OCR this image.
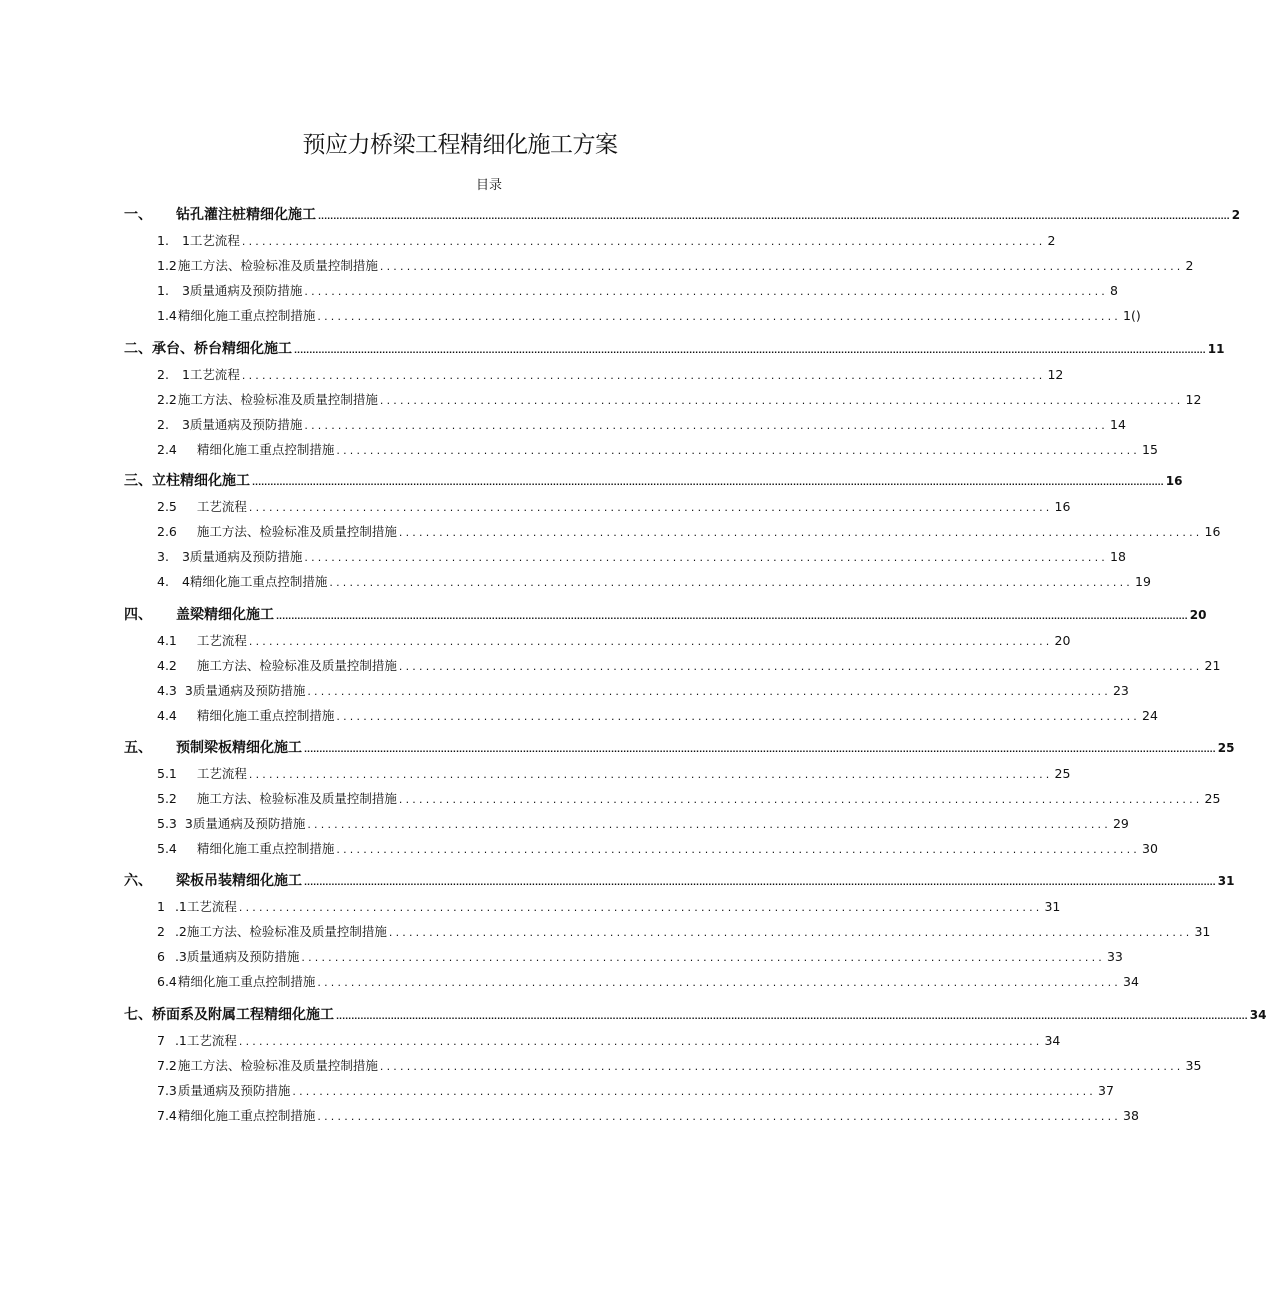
预应力桥梁工程精细化施工方案
目录
一、 钻孔灌注桩精细化施工 ............................................................................................................................................................................................................................................................................................................ 2
1. 1工艺流程 ........................................................................................................................ 2
1.2 施工方法、检验标准及质量控制措施 ........................................................................................................................ 2
1. 3质量通病及预防措施 ........................................................................................................................ 8
1.4 精细化施工重点控制措施 ........................................................................................................................ 1()
二、 承台、桥台精细化施工 ............................................................................................................................................................................................................................................................................................................ 11
2. 1工艺流程 ........................................................................................................................ 12
2.2 施工方法、检验标准及质量控制措施 ........................................................................................................................ 12
2. 3质量通病及预防措施 ........................................................................................................................ 14
2.4 精细化施工重点控制措施 ........................................................................................................................ 15
三、 立柱精细化施工 ............................................................................................................................................................................................................................................................................................................ 16
2.5 工艺流程 ........................................................................................................................ 16
2.6 施工方法、检验标准及质量控制措施 ........................................................................................................................ 16
3. 3质量通病及预防措施 ........................................................................................................................ 18
4. 4精细化施工重点控制措施 ........................................................................................................................ 19
四、 盖梁精细化施工 ............................................................................................................................................................................................................................................................................................................ 20
4.1 工艺流程 ........................................................................................................................ 20
4.2 施工方法、检验标准及质量控制措施 ........................................................................................................................ 21
4.3 3质量通病及预防措施 ........................................................................................................................ 23
4.4 精细化施工重点控制措施 ........................................................................................................................ 24
五、 预制梁板精细化施工 ............................................................................................................................................................................................................................................................................................................ 25
5.1 工艺流程 ........................................................................................................................ 25
5.2 施工方法、检验标准及质量控制措施 ........................................................................................................................ 25
5.3 3质量通病及预防措施 ........................................................................................................................ 29
5.4 精细化施工重点控制措施 ........................................................................................................................ 30
六、 梁板吊装精细化施工 ............................................................................................................................................................................................................................................................................................................ 31
1 .1工艺流程 ........................................................................................................................ 31
2 .2施工方法、检验标准及质量控制措施 ........................................................................................................................ 31
6 .3质量通病及预防措施 ........................................................................................................................ 33
6.4 精细化施工重点控制措施 ........................................................................................................................ 34
七、 桥面系及附属工程精细化施工 ............................................................................................................................................................................................................................................................................................................ 34
7 .1工艺流程 ........................................................................................................................ 34
7.2 施工方法、检验标准及质量控制措施 ........................................................................................................................ 35
7.3 质量通病及预防措施 ........................................................................................................................ 37
7.4 精细化施工重点控制措施 ........................................................................................................................ 38
